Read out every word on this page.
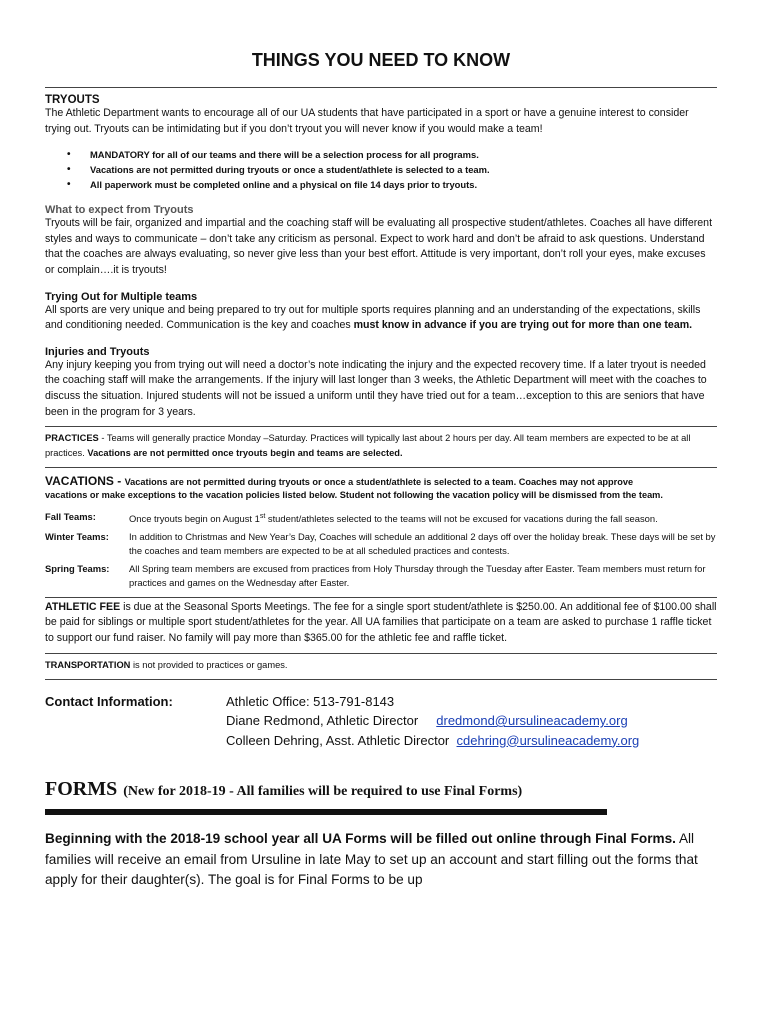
THINGS YOU NEED TO KNOW
TRYOUTS

The Athletic Department wants to encourage all of our UA students that have participated in a sport or have a genuine interest to consider trying out. Tryouts can be intimidating but if you don’t tryout you will never know if you would make a team!

• MANDATORY for all of our teams and there will be a selection process for all programs.
• Vacations are not permitted during tryouts or once a student/athlete is selected to a team.
• All paperwork must be completed online and a physical on file 14 days prior to tryouts.
What to expect from Tryouts

Tryouts will be fair, organized and impartial and the coaching staff will be evaluating all prospective student/athletes. Coaches all have different styles and ways to communicate – don’t take any criticism as personal. Expect to work hard and don’t be afraid to ask questions. Understand that the coaches are always evaluating, so never give less than your best effort. Attitude is very important, don’t roll your eyes, make excuses or complain….it is tryouts!

Trying Out for Multiple teams

All sports are very unique and being prepared to try out for multiple sports requires planning and an understanding of the expectations, skills and conditioning needed. Communication is the key and coaches must know in advance if you are trying out for more than one team.

Injuries and Tryouts

Any injury keeping you from trying out will need a doctor’s note indicating the injury and the expected recovery time. If a later tryout is needed the coaching staff will make the arrangements. If the injury will last longer than 3 weeks, the Athletic Department will meet with the coaches to discuss the situation. Injured students will not be issued a uniform until they have tried out for a team…exception to this are seniors that have been in the program for 3 years.

PRACTICES - Teams will generally practice Monday –Saturday. Practices will typically last about 2 hours per day. All team members are expected to be at all practices. Vacations are not permitted once tryouts begin and teams are selected.

VACATIONS - Vacations are not permitted during tryouts or once a student/athlete is selected to a team. Coaches may not approve
vacations or make exceptions to the vacation policies listed below. Student not following the vacation policy will be dismissed from the team.
Fall Teams:	Once tryouts begin on August 1st student/athletes selected to the teams will not be excused for vacations during the fall season.
Winter Teams:	In addition to Christmas and New Year’s Day, Coaches will schedule an additional 2 days off over the holiday break. These days will be set by the coaches and team members are expected to be at all scheduled practices and contests.
Spring Teams:	All Spring team members are excused from practices from Holy Thursday through the Tuesday after Easter. Team members must return for practices and games on the Wednesday after Easter.

ATHLETIC FEE is due at the Seasonal Sports Meetings. The fee for a single sport student/athlete is $250.00. An additional fee of $100.00 shall be paid for siblings or multiple sport student/athletes for the year. All UA families that participate on a team are asked to purchase 1 raffle ticket to support our fund raiser. No family will pay more than $365.00 for the athletic fee and raffle ticket.

TRANSPORTATION is not provided to practices or games.

Contact Information:	Athletic Office: 513-791-8143
Diane Redmond, Athletic Director dredmond@ursulineacademy.org
Colleen Dehring, Asst. Athletic Director cdehring@ursulineacademy.org
FORMS (New for 2018-19 - All families will be required to use Final Forms)

Beginning with the 2018-19 school year all UA Forms will be filled out online through Final Forms. All families will receive an email from Ursuline in late May to set up an account and start filling out the forms that apply for their daughter(s). The goal is for Final Forms to be up
